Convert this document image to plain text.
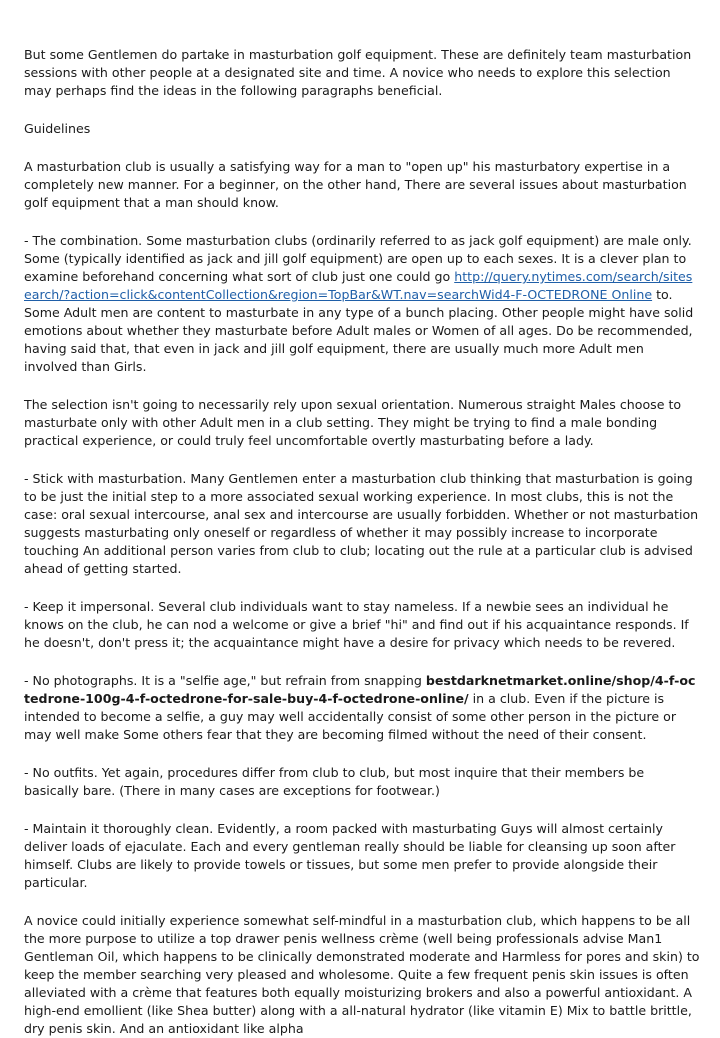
But some Gentlemen do partake in masturbation golf equipment. These are definitely team masturbation sessions with other people at a designated site and time. A novice who needs to explore this selection may perhaps find the ideas in the following paragraphs beneficial.

Guidelines

A masturbation club is usually a satisfying way for a man to "open up" his masturbatory expertise in a completely new manner. For a beginner, on the other hand, There are several issues about masturbation golf equipment that a man should know.

- The combination. Some masturbation clubs (ordinarily referred to as jack golf equipment) are male only. Some (typically identified as jack and jill golf equipment) are open up to each sexes. It is a clever plan to examine beforehand concerning what sort of club just one could go http://query.nytimes.com/search/sitesearch/?action=click&contentCollection&region=TopBar&WT.nav=searchWid4-F-OCTEDRONE Online to. Some Adult men are content to masturbate in any type of a bunch placing. Other people might have solid emotions about whether they masturbate before Adult males or Women of all ages. Do be recommended, having said that, that even in jack and jill golf equipment, there are usually much more Adult men involved than Girls.

The selection isn't going to necessarily rely upon sexual orientation. Numerous straight Males choose to masturbate only with other Adult men in a club setting. They might be trying to find a male bonding practical experience, or could truly feel uncomfortable overtly masturbating before a lady.

- Stick with masturbation. Many Gentlemen enter a masturbation club thinking that masturbation is going to be just the initial step to a more associated sexual working experience. In most clubs, this is not the case: oral sexual intercourse, anal sex and intercourse are usually forbidden. Whether or not masturbation suggests masturbating only oneself or regardless of whether it may possibly increase to incorporate touching An additional person varies from club to club; locating out the rule at a particular club is advised ahead of getting started.

- Keep it impersonal. Several club individuals want to stay nameless. If a newbie sees an individual he knows on the club, he can nod a welcome or give a brief "hi" and find out if his acquaintance responds. If he doesn't, don't press it; the acquaintance might have a desire for privacy which needs to be revered.

- No photographs. It is a "selfie age," but refrain from snapping bestdarknetmarket.online/shop/4-f-octedrone-100g-4-f-octedrone-for-sale-buy-4-f-octedrone-online/ in a club. Even if the picture is intended to become a selfie, a guy may well accidentally consist of some other person in the picture or may well make Some others fear that they are becoming filmed without the need of their consent.

- No outfits. Yet again, procedures differ from club to club, but most inquire that their members be basically bare. (There in many cases are exceptions for footwear.)

- Maintain it thoroughly clean. Evidently, a room packed with masturbating Guys will almost certainly deliver loads of ejaculate. Each and every gentleman really should be liable for cleansing up soon after himself. Clubs are likely to provide towels or tissues, but some men prefer to provide alongside their particular.

A novice could initially experience somewhat self-mindful in a masturbation club, which happens to be all the more purpose to utilize a top drawer penis wellness crème (well being professionals advise Man1 Gentleman Oil, which happens to be clinically demonstrated moderate and Harmless for pores and skin) to keep the member searching very pleased and wholesome. Quite a few frequent penis skin issues is often alleviated with a crème that features both equally moisturizing brokers and also a powerful antioxidant. A high-end emollient (like Shea butter) along with a all-natural hydrator (like vitamin E) Mix to battle brittle, dry penis skin. And an antioxidant like alpha
